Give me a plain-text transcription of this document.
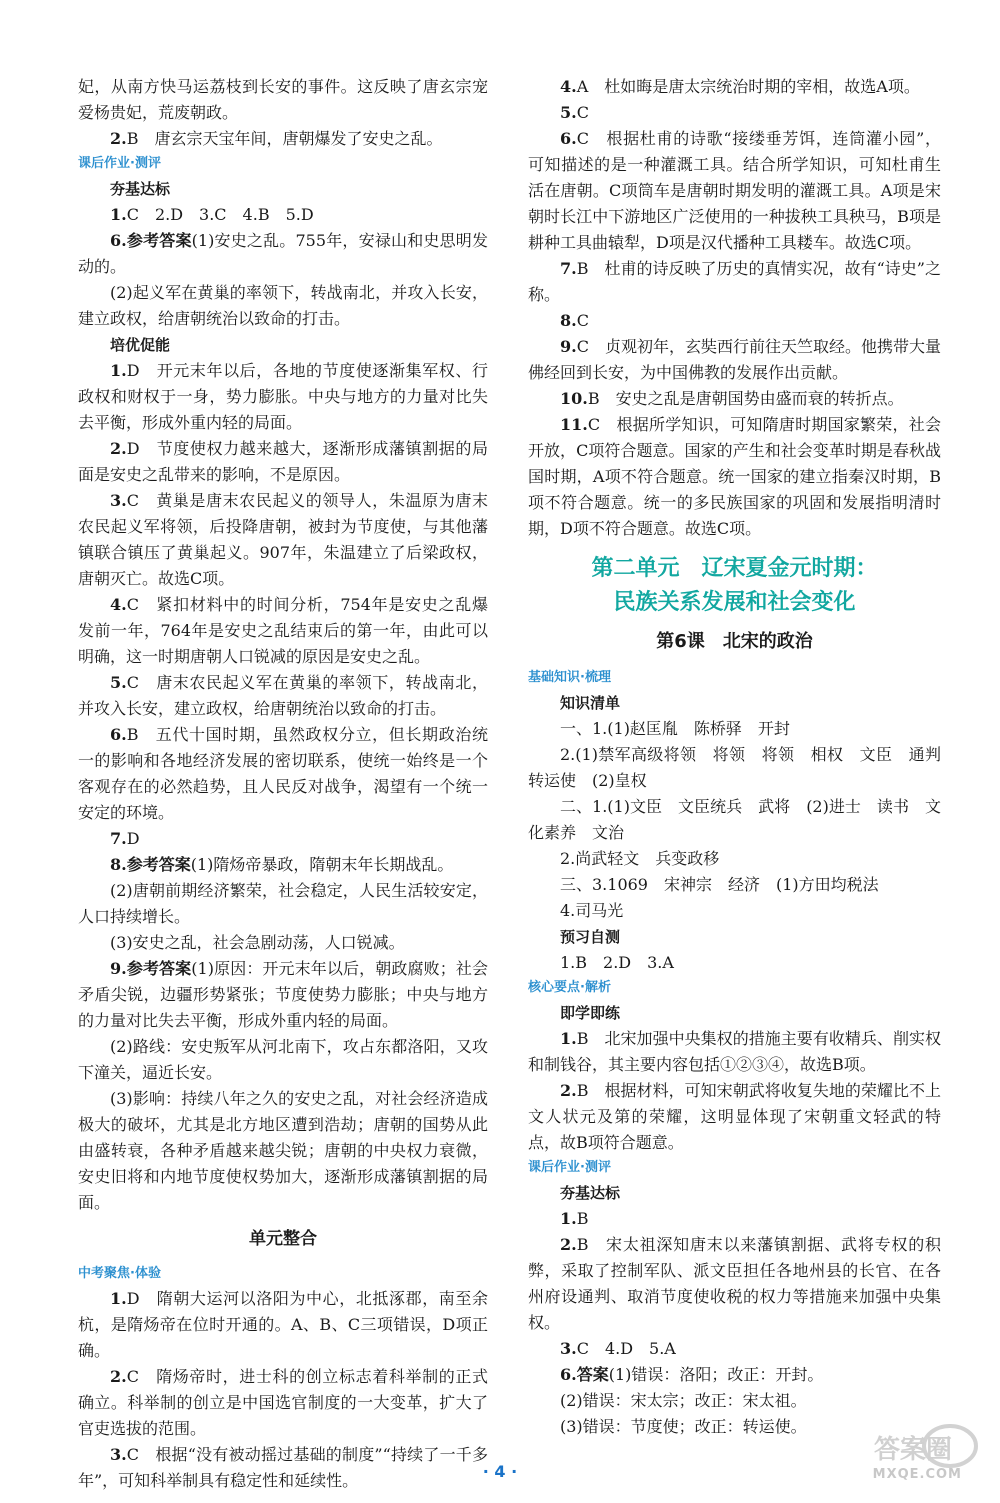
妃，从南方快马运荔枝到长安的事件。这反映了唐玄宗宠爱杨贵妃，荒废朝政。

2.B　唐玄宗天宝年间，唐朝爆发了安史之乱。

课后作业·测评
夯基达标

1.C　2.D　3.C　4.B　5.D

6.参考答案(1)安史之乱。755年，安禄山和史思明发动的。

(2)起义军在黄巢的率领下，转战南北，并攻入长安，建立政权，给唐朝统治以致命的打击。

培优促能

1.D　开元末年以后，各地的节度使逐渐集军权、行政权和财权于一身，势力膨胀。中央与地方的力量对比失去平衡，形成外重内轻的局面。

2.D　节度使权力越来越大，逐渐形成藩镇割据的局面是安史之乱带来的影响，不是原因。

3.C　黄巢是唐末农民起义的领导人，朱温原为唐末农民起义军将领，后投降唐朝，被封为节度使，与其他藩镇联合镇压了黄巢起义。907年，朱温建立了后梁政权，唐朝灭亡。故选C项。

4.C　紧扣材料中的时间分析，754年是安史之乱爆发前一年，764年是安史之乱结束后的第一年，由此可以明确，这一时期唐朝人口锐减的原因是安史之乱。

5.C　唐末农民起义军在黄巢的率领下，转战南北，并攻入长安，建立政权，给唐朝统治以致命的打击。

6.B　五代十国时期，虽然政权分立，但长期政治统一的影响和各地经济发展的密切联系，使统一始终是一个客观存在的必然趋势，且人民反对战争，渴望有一个统一安定的环境。

7.D

8.参考答案(1)隋炀帝暴政，隋朝末年长期战乱。

(2)唐朝前期经济繁荣，社会稳定，人民生活较安定，人口持续增长。

(3)安史之乱，社会急剧动荡，人口锐减。

9.参考答案(1)原因：开元末年以后，朝政腐败；社会矛盾尖锐，边疆形势紧张；节度使势力膨胀；中央与地方的力量对比失去平衡，形成外重内轻的局面。

(2)路线：安史叛军从河北南下，攻占东都洛阳，又攻下潼关，逼近长安。

(3)影响：持续八年之久的安史之乱，对社会经济造成极大的破坏，尤其是北方地区遭到浩劫；唐朝的国势从此由盛转衰，各种矛盾越来越尖锐；唐朝的中央权力衰微，安史旧将和内地节度使权势加大，逐渐形成藩镇割据的局面。

单元整合
中考聚焦·体验

1.D　隋朝大运河以洛阳为中心，北抵涿郡，南至余杭，是隋炀帝在位时开通的。A、B、C三项错误，D项正确。

2.C　隋炀帝时，进士科的创立标志着科举制的正式确立。科举制的创立是中国选官制度的一大变革，扩大了官吏选拔的范围。

3.C　根据“没有被动摇过基础的制度”“持续了一千多年”，可知科举制具有稳定性和延续性。

4.A　杜如晦是唐太宗统治时期的宰相，故选A项。

5.C

6.C　根据杜甫的诗歌“接缕垂芳饵，连筒灌小园”，可知描述的是一种灌溉工具。结合所学知识，可知杜甫生活在唐朝。C项筒车是唐朝时期发明的灌溉工具。A项是宋朝时长江中下游地区广泛使用的一种拔秧工具秧马，B项是耕种工具曲辕犁，D项是汉代播种工具耧车。故选C项。

7.B　杜甫的诗反映了历史的真情实况，故有“诗史”之称。

8.C

9.C　贞观初年，玄奘西行前往天竺取经。他携带大量佛经回到长安，为中国佛教的发展作出贡献。

10.B　安史之乱是唐朝国势由盛而衰的转折点。

11.C　根据所学知识，可知隋唐时期国家繁荣，社会开放，C项符合题意。国家的产生和社会变革时期是春秋战国时期，A项不符合题意。统一国家的建立指秦汉时期，B项不符合题意。统一的多民族国家的巩固和发展指明清时期，D项不符合题意。故选C项。

第二单元　辽宋夏金元时期：
民族关系发展和社会变化
第6课　北宋的政治
基础知识·梳理
知识清单

一、1.(1)赵匡胤　陈桥驿　开封

2.(1)禁军高级将领　将领　将领　相权　文臣　通判　转运使　(2)皇权

二、1.(1)文臣　文臣统兵　武将　(2)进士　读书　文化素养　文治

2.尚武轻文　兵变政移

三、3.1069　宋神宗　经济　(1)方田均税法

4.司马光

预习自测

1.B　2.D　3.A

核心要点·解析
即学即练

1.B　北宋加强中央集权的措施主要有收精兵、削实权和制钱谷，其主要内容包括①②③④，故选B项。

2.B　根据材料，可知宋朝武将收复失地的荣耀比不上文人状元及第的荣耀，这明显体现了宋朝重文轻武的特点，故B项符合题意。

课后作业·测评
夯基达标

1.B

2.B　宋太祖深知唐末以来藩镇割据、武将专权的积弊，采取了控制军队、派文臣担任各地州县的长官、在各州府设通判、取消节度使收税的权力等措施来加强中央集权。

3.C　4.D　5.A

6.答案(1)错误：洛阳；改正：开封。

(2)错误：宋太宗；改正：宋太祖。

(3)错误：节度使；改正：转运使。

· 4 ·
答案圈
MXQE.COM
